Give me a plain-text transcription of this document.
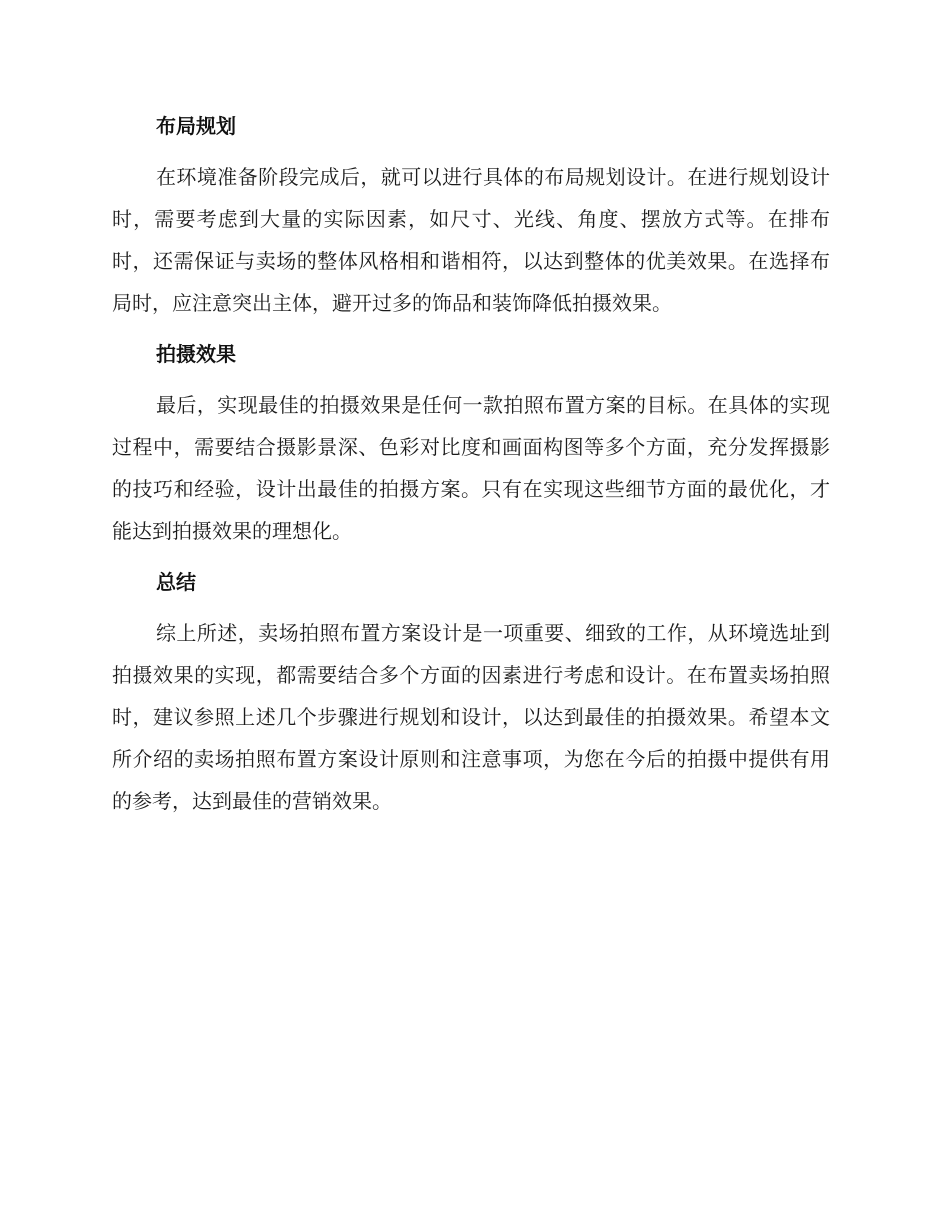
布局规划

在环境准备阶段完成后，就可以进行具体的布局规划设计。在进行规划设计时，需要考虑到大量的实际因素，如尺寸、光线、角度、摆放方式等。在排布时，还需保证与卖场的整体风格相和谐相符，以达到整体的优美效果。在选择布局时，应注意突出主体，避开过多的饰品和装饰降低拍摄效果。

拍摄效果

最后，实现最佳的拍摄效果是任何一款拍照布置方案的目标。在具体的实现过程中，需要结合摄影景深、色彩对比度和画面构图等多个方面，充分发挥摄影的技巧和经验，设计出最佳的拍摄方案。只有在实现这些细节方面的最优化，才能达到拍摄效果的理想化。

总结

综上所述，卖场拍照布置方案设计是一项重要、细致的工作，从环境选址到拍摄效果的实现，都需要结合多个方面的因素进行考虑和设计。在布置卖场拍照时，建议参照上述几个步骤进行规划和设计，以达到最佳的拍摄效果。希望本文所介绍的卖场拍照布置方案设计原则和注意事项，为您在今后的拍摄中提供有用的参考，达到最佳的营销效果。
